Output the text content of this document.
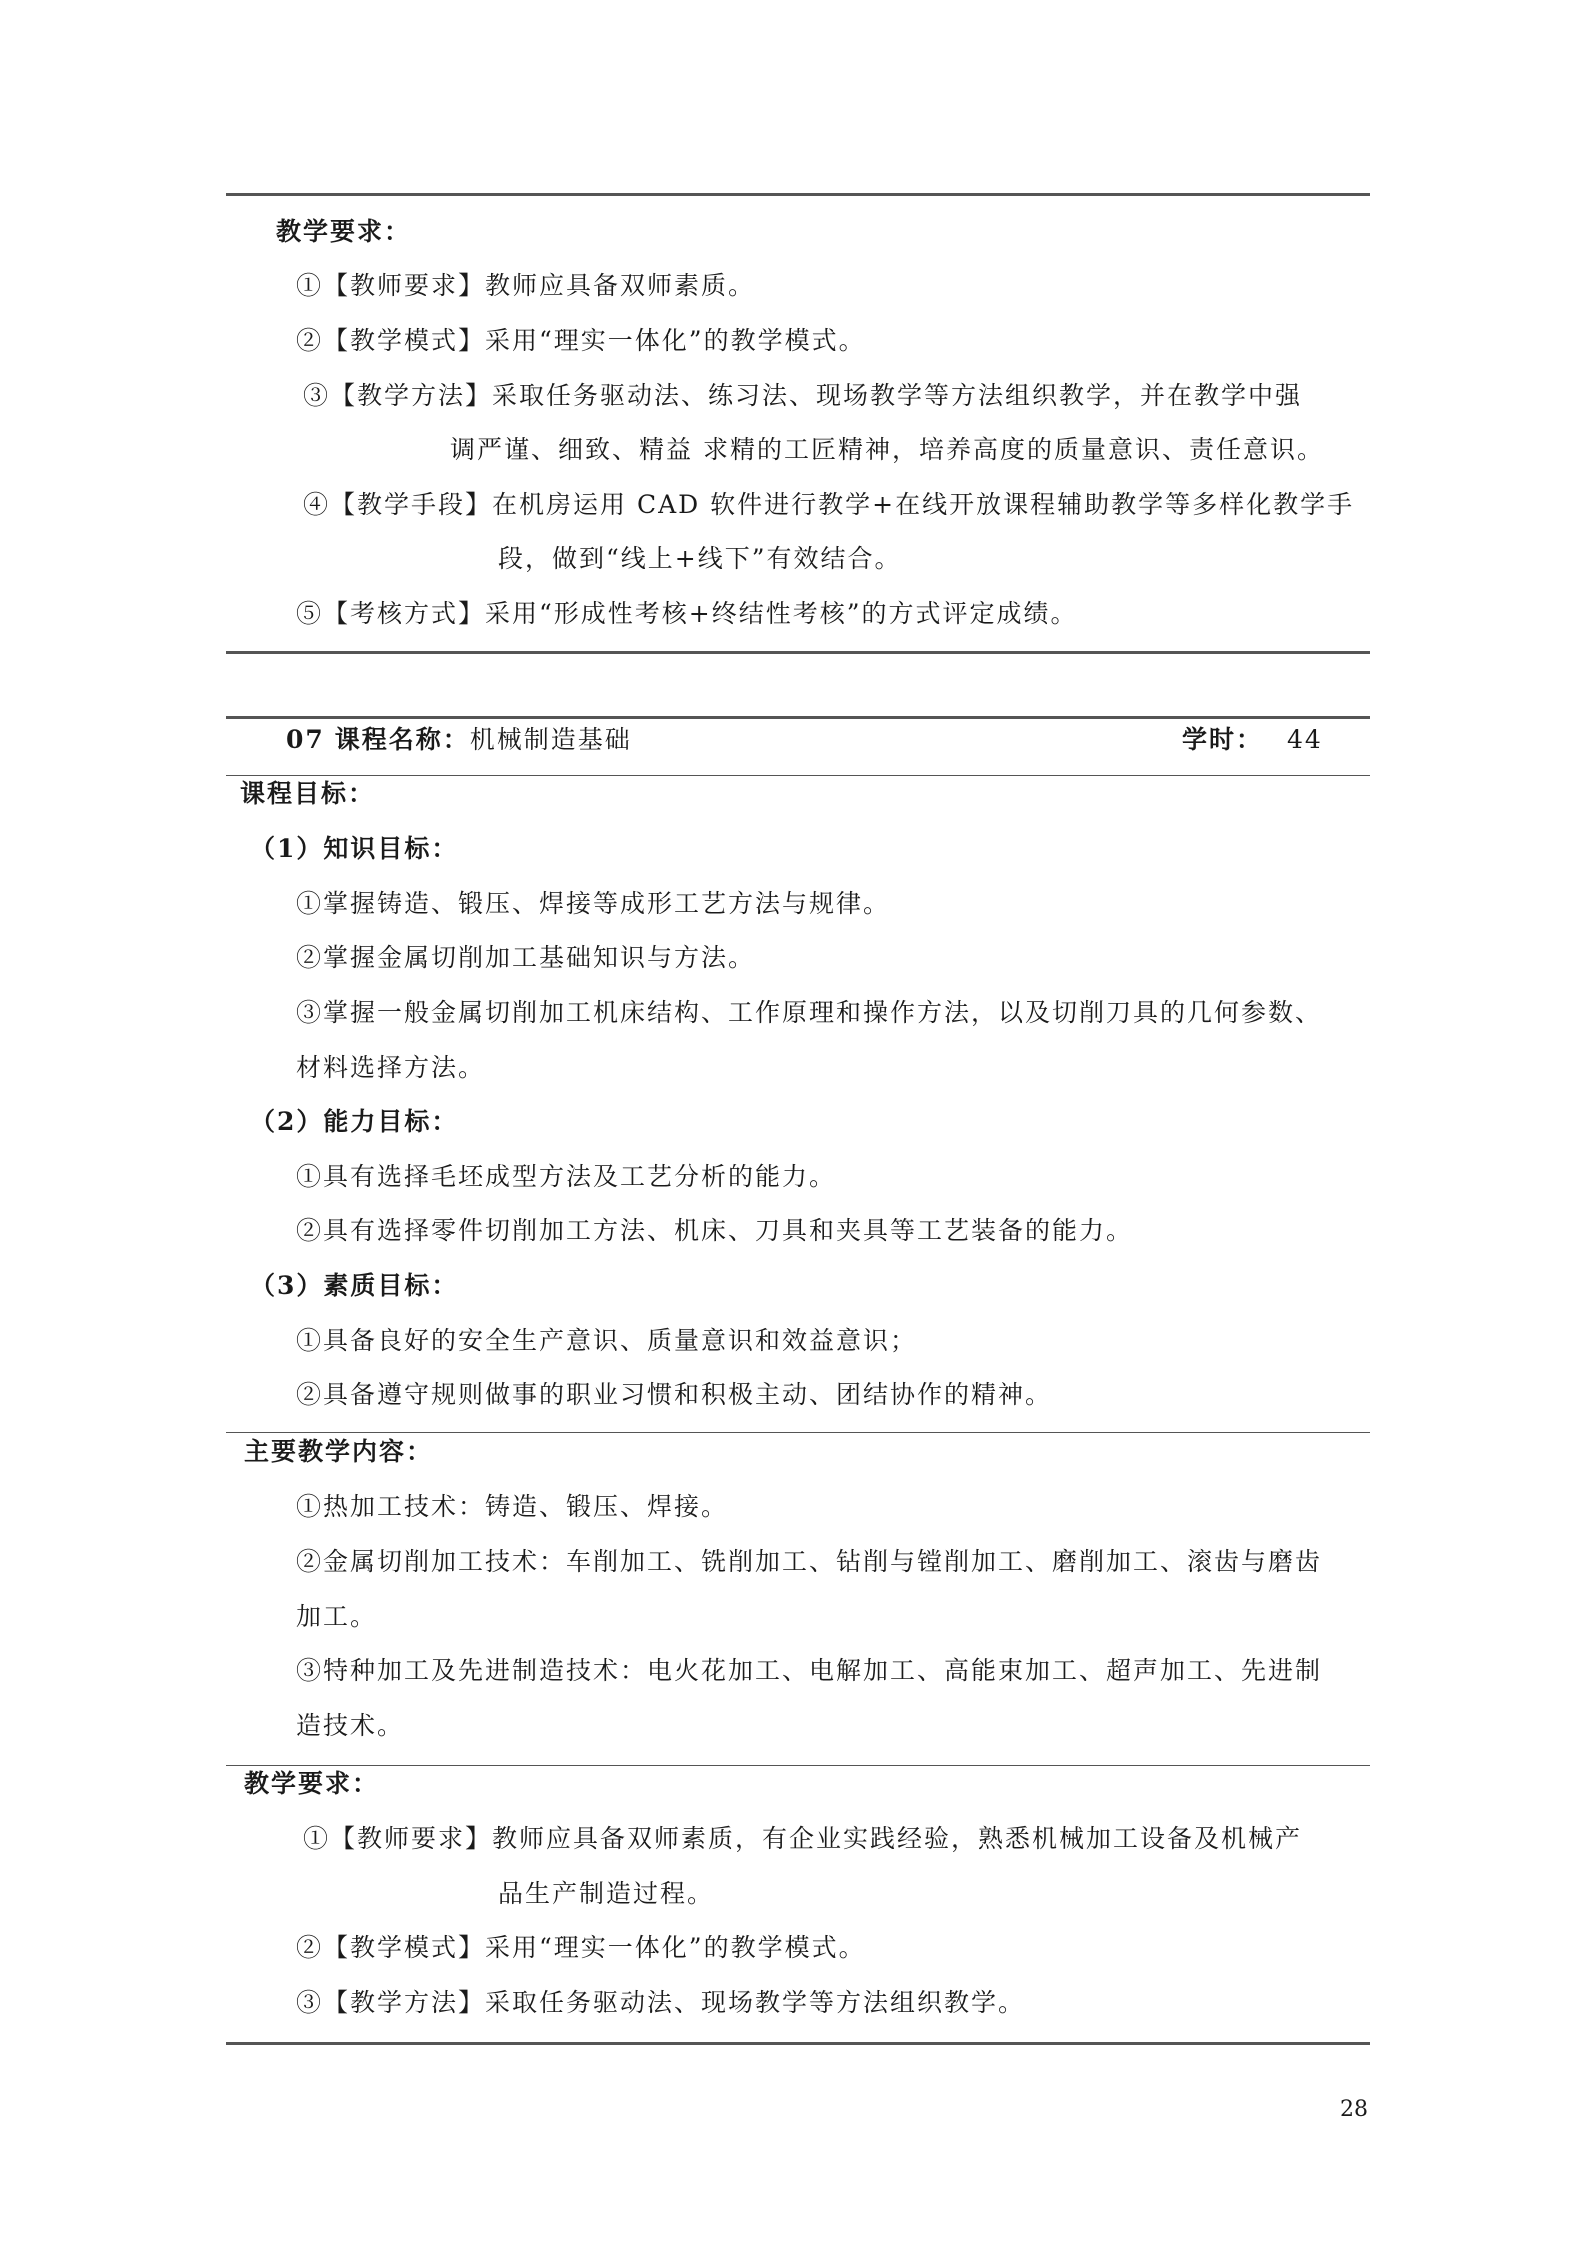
教学要求：
①【教师要求】教师应具备双师素质。
②【教学模式】采用“理实一体化”的教学模式。
③【教学方法】采取任务驱动法、练习法、现场教学等方法组织教学，并在教学中强
调严谨、细致、精益 求精的工匠精神，培养高度的质量意识、责任意识。
④【教学手段】在机房运用 CAD 软件进行教学+在线开放课程辅助教学等多样化教学手
段，做到“线上+线下”有效结合。
⑤【考核方式】采用“形成性考核+终结性考核”的方式评定成绩。
07 课程名称：机械制造基础	学时： 44
课程目标：
（1）知识目标：
①掌握铸造、锻压、焊接等成形工艺方法与规律。
②掌握金属切削加工基础知识与方法。
③掌握一般金属切削加工机床结构、工作原理和操作方法，以及切削刀具的几何参数、
材料选择方法。
（2）能力目标：
①具有选择毛坯成型方法及工艺分析的能力。
②具有选择零件切削加工方法、机床、刀具和夹具等工艺装备的能力。
（3）素质目标：
①具备良好的安全生产意识、质量意识和效益意识；
②具备遵守规则做事的职业习惯和积极主动、团结协作的精神。
主要教学内容：
①热加工技术：铸造、锻压、焊接。
②金属切削加工技术：车削加工、铣削加工、钻削与镗削加工、磨削加工、滚齿与磨齿
加工。
③特种加工及先进制造技术：电火花加工、电解加工、高能束加工、超声加工、先进制
造技术。
教学要求：
①【教师要求】教师应具备双师素质，有企业实践经验，熟悉机械加工设备及机械产
品生产制造过程。
②【教学模式】采用“理实一体化”的教学模式。
③【教学方法】采取任务驱动法、现场教学等方法组织教学。
28
